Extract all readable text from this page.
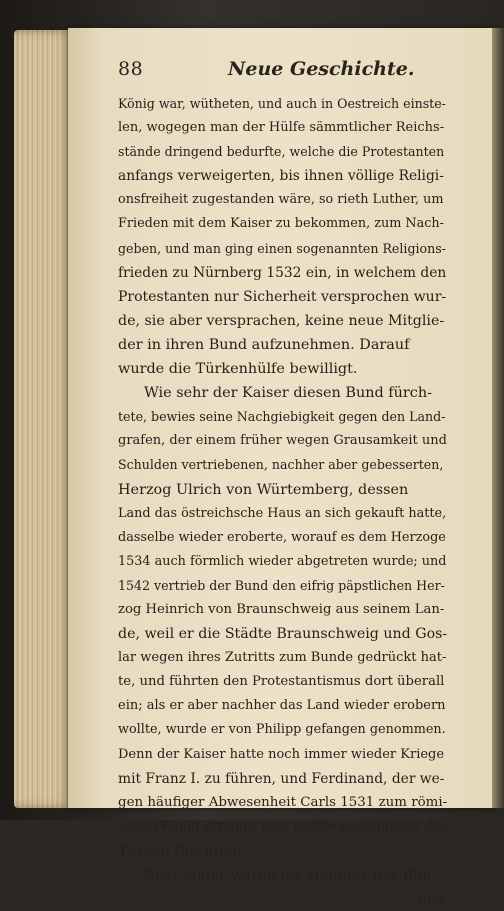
88	Neue Geschichte.
König war, wütheten, und auch in Oestreich einste-
len, wogegen man der Hülfe sämmtlicher Reichs-
stände dringend bedurfte, welche die Protestanten
anfangs verweigerten, bis ihnen völlige Religi-
onsfreiheit zugestanden wäre, so rieth Luther, um
Frieden mit dem Kaiser zu bekommen, zum Nach-
geben, und man ging einen sogenannten Religions-
frieden zu Nürnberg 1532 ein, in welchem den
Protestanten nur Sicherheit versprochen wur-
de, sie aber versprachen, keine neue Mitglie-
der in ihren Bund aufzunehmen. Darauf
wurde die Türkenhülfe bewilligt.
Wie sehr der Kaiser diesen Bund fürch-
tete, bewies seine Nachgiebigkeit gegen den Land-
grafen, der einem früher wegen Grausamkeit und
Schulden vertriebenen, nachher aber gebesserten,
Herzog Ulrich von Würtemberg, dessen
Land das östreichsche Haus an sich gekauft hatte,
dasselbe wieder eroberte, worauf es dem Herzoge
1534 auch förmlich wieder abgetreten wurde; und
1542 vertrieb der Bund den eifrig päpstlichen Her-
zog Heinrich von Braunschweig aus seinem Lan-
de, weil er die Städte Braunschweig und Gos-
lar wegen ihres Zutritts zum Bunde gedrückt hat-
te, und führten den Protestantismus dort überall
ein; als er aber nachher das Land wieder erobern
wollte, wurde er von Philipp gefangen genommen.
Denn der Kaiser hatte noch immer wieder Kriege
mit Franz I. zu führen, und Ferdinand, der we-
gen häufiger Abwesenheit Carls 1531 zum römi-
schen König ernannt war, mußte noch immer die
Türken fürchten.
Aber leider waren die Häupter des Bun-
des,
